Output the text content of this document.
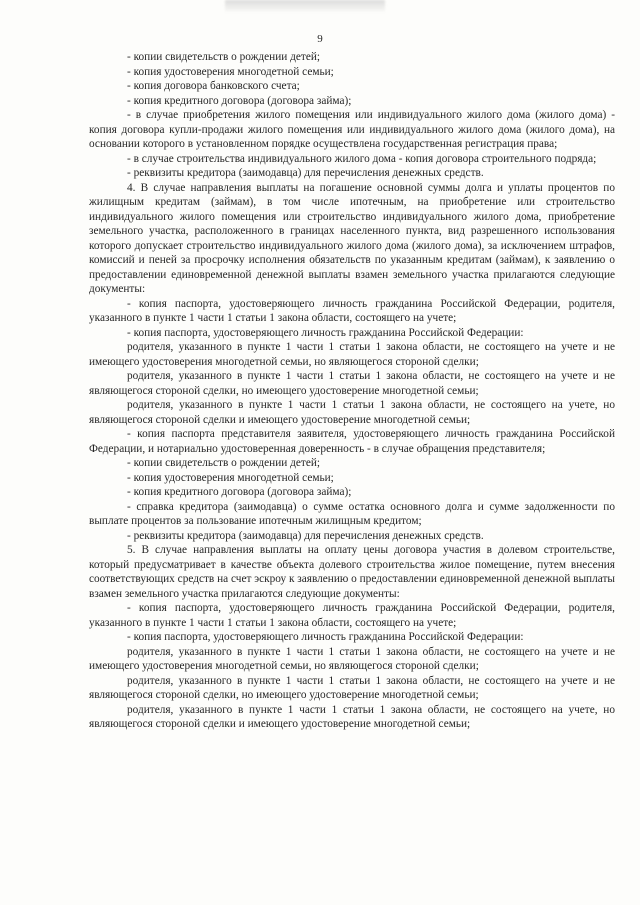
9

- копии свидетельств о рождении детей;

- копия удостоверения многодетной семьи;

- копия договора банковского счета;

- копия кредитного договора (договора займа);

- в случае приобретения жилого помещения или индивидуального жилого дома (жилого дома) - копия договора купли-продажи жилого помещения или индивидуального жилого дома (жилого дома), на основании которого в установленном порядке осуществлена государственная регистрация права;

- в случае строительства индивидуального жилого дома - копия договора строительного подряда;

- реквизиты кредитора (заимодавца) для перечисления денежных средств.

4. В случае направления выплаты на погашение основной суммы долга и уплаты процентов по жилищным кредитам (займам), в том числе ипотечным, на приобретение или строительство индивидуального жилого помещения или строительство индивидуального жилого дома, приобретение земельного участка, расположенного в границах населенного пункта, вид разрешенного использования которого допускает строительство индивидуального жилого дома (жилого дома), за исключением штрафов, комиссий и пеней за просрочку исполнения обязательств по указанным кредитам (займам), к заявлению о предоставлении единовременной денежной выплаты взамен земельного участка прилагаются следующие документы:

- копия паспорта, удостоверяющего личность гражданина Российской Федерации, родителя, указанного в пункте 1 части 1 статьи 1 закона области, состоящего на учете;

- копия паспорта, удостоверяющего личность гражданина Российской Федерации:

родителя, указанного в пункте 1 части 1 статьи 1 закона области, не состоящего на учете и не имеющего удостоверения многодетной семьи, но являющегося стороной сделки;

родителя, указанного в пункте 1 части 1 статьи 1 закона области, не состоящего на учете и не являющегося стороной сделки, но имеющего удостоверение многодетной семьи;

родителя, указанного в пункте 1 части 1 статьи 1 закона области, не состоящего на учете, но являющегося стороной сделки и имеющего удостоверение многодетной семьи;

- копия паспорта представителя заявителя, удостоверяющего личность гражданина Российской Федерации, и нотариально удостоверенная доверенность - в случае обращения представителя;

- копии свидетельств о рождении детей;

- копия удостоверения многодетной семьи;

- копия кредитного договора (договора займа);

- справка кредитора (заимодавца) о сумме остатка основного долга и сумме задолженности по выплате процентов за пользование ипотечным жилищным кредитом;

- реквизиты кредитора (заимодавца) для перечисления денежных средств.

5. В случае направления выплаты на оплату цены договора участия в долевом строительстве, который предусматривает в качестве объекта долевого строительства жилое помещение, путем внесения соответствующих средств на счет эскроу к заявлению о предоставлении единовременной денежной выплаты взамен земельного участка прилагаются следующие документы:

- копия паспорта, удостоверяющего личность гражданина Российской Федерации, родителя, указанного в пункте 1 части 1 статьи 1 закона области, состоящего на учете;

- копия паспорта, удостоверяющего личность гражданина Российской Федерации:

родителя, указанного в пункте 1 части 1 статьи 1 закона области, не состоящего на учете и не имеющего удостоверения многодетной семьи, но являющегося стороной сделки;

родителя, указанного в пункте 1 части 1 статьи 1 закона области, не состоящего на учете и не являющегося стороной сделки, но имеющего удостоверение многодетной семьи;

родителя, указанного в пункте 1 части 1 статьи 1 закона области, не состоящего на учете, но являющегося стороной сделки и имеющего удостоверение многодетной семьи;
